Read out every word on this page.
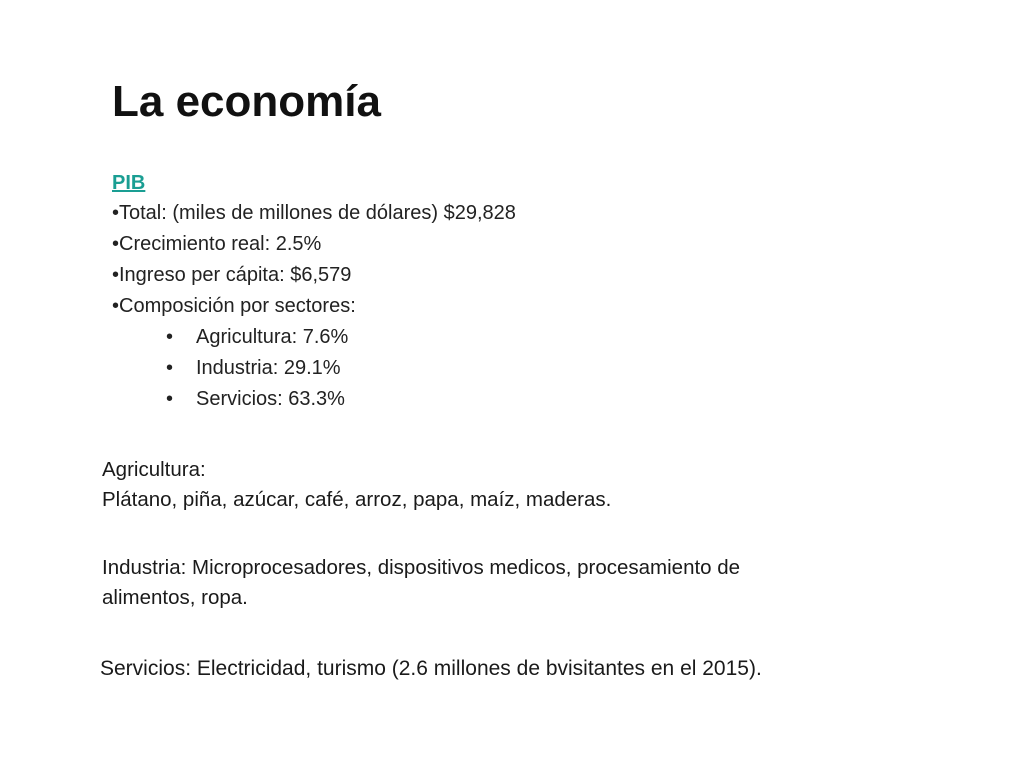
La economía
PIB
•Total: (miles de millones de dólares) $29,828
•Crecimiento real: 2.5%
•Ingreso per cápita: $6,579
•Composición por sectores:
• Agricultura: 7.6%
• Industria: 29.1%
• Servicios: 63.3%
Agricultura:
Plátano, piña, azúcar, café, arroz, papa, maíz, maderas.
Industria: Microprocesadores, dispositivos medicos, procesamiento de
alimentos, ropa.
Servicios: Electricidad, turismo (2.6 millones de bvisitantes en el 2015).
